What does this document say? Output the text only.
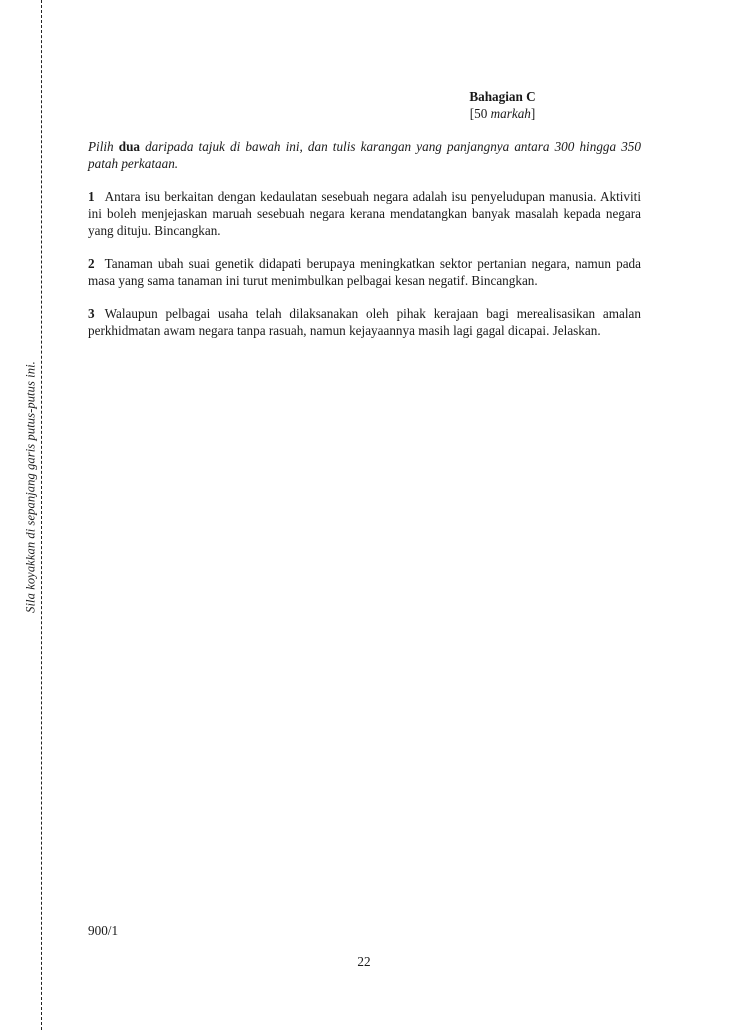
Sila koyakkan di sepanjang garis putus-putus ini.

Bahagian C
[50 markah]

Pilih dua daripada tajuk di bawah ini, dan tulis karangan yang panjangnya antara 300 hingga 350 patah perkataan.

1 Antara isu berkaitan dengan kedaulatan sesebuah negara adalah isu penyeludupan manusia. Aktiviti ini boleh menjejaskan maruah sesebuah negara kerana mendatangkan banyak masalah kepada negara yang dituju. Bincangkan.

2 Tanaman ubah suai genetik didapati berupaya meningkatkan sektor pertanian negara, namun pada masa yang sama tanaman ini turut menimbulkan pelbagai kesan negatif. Bincangkan.

3 Walaupun pelbagai usaha telah dilaksanakan oleh pihak kerajaan bagi merealisasikan amalan perkhidmatan awam negara tanpa rasuah, namun kejayaannya masih lagi gagal dicapai. Jelaskan.

900/1
22
